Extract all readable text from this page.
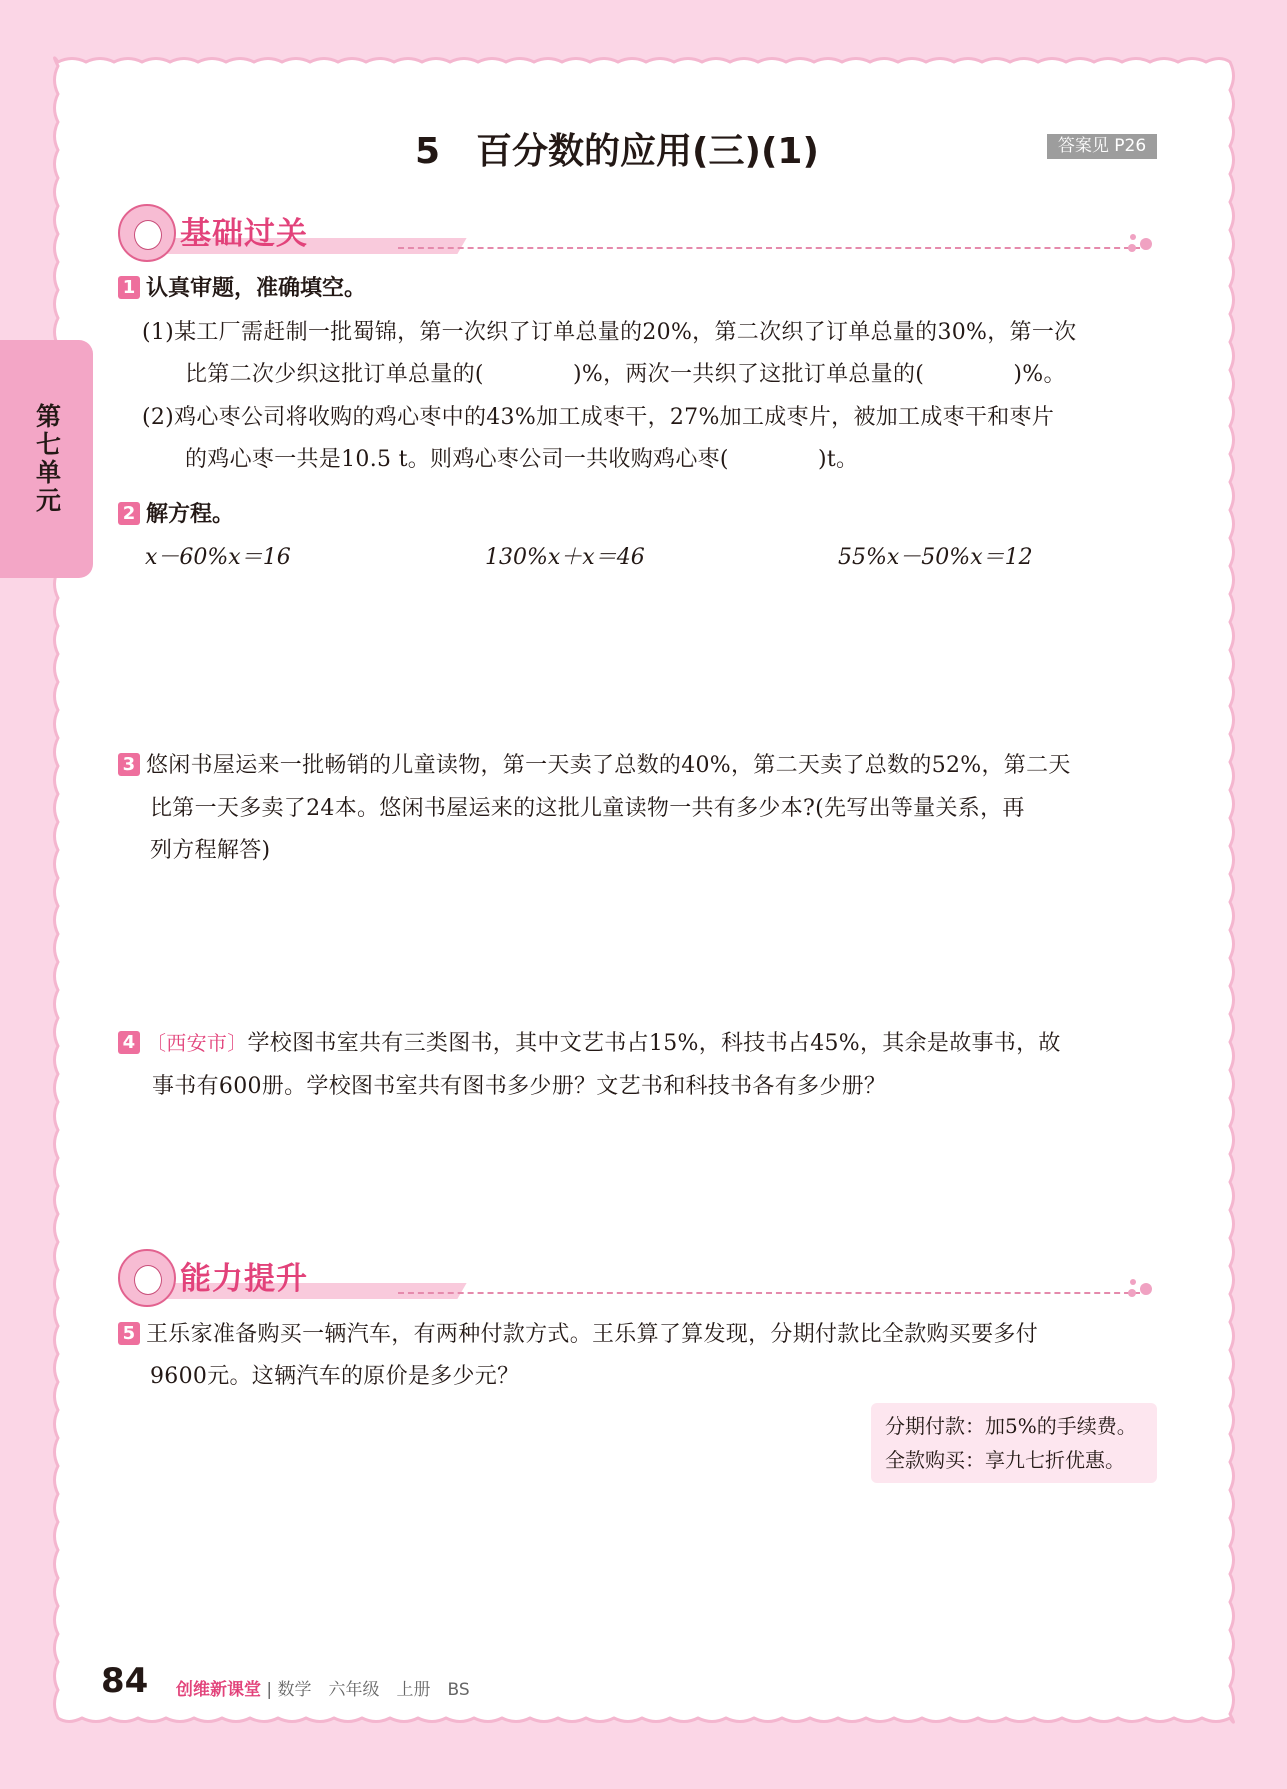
第七单元
5　百分数的应用(三)(1)	答案见 P26
基础过关
1 认真审题，准确填空。
(1)某工厂需赶制一批蜀锦，第一次织了订单总量的20%，第二次织了订单总量的30%，第一次
比第二次少织这批订单总量的(　　　　)%，两次一共织了这批订单总量的(　　　　)%。
(2)鸡心枣公司将收购的鸡心枣中的43%加工成枣干，27%加工成枣片，被加工成枣干和枣片
的鸡心枣一共是10.5 t。则鸡心枣公司一共收购鸡心枣(　　　　)t。
2 解方程。
x－60%x＝16	130%x＋x＝46	55%x－50%x＝12
3 悠闲书屋运来一批畅销的儿童读物，第一天卖了总数的40%，第二天卖了总数的52%，第二天
比第一天多卖了24本。悠闲书屋运来的这批儿童读物一共有多少本?(先写出等量关系，再
列方程解答)
4 〔西安市〕学校图书室共有三类图书，其中文艺书占15%，科技书占45%，其余是故事书，故
事书有600册。学校图书室共有图书多少册？文艺书和科技书各有多少册？
能力提升
5 王乐家准备购买一辆汽车，有两种付款方式。王乐算了算发现，分期付款比全款购买要多付
9600元。这辆汽车的原价是多少元？
分期付款：加5%的手续费。
全款购买：享九七折优惠。
84 创维新课堂 | 数学　六年级　上册　BS
